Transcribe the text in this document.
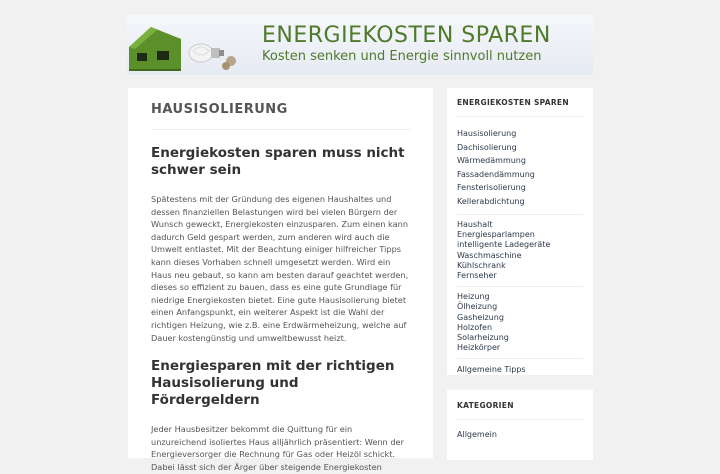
ENERGIEKOSTEN SPAREN
Kosten senken und Energie sinnvoll nutzen
HAUSISOLIERUNG
Energiekosten sparen muss nicht schwer sein
Spätestens mit der Gründung des eigenen Haushaltes und dessen finanziellen Belastungen wird bei vielen Bürgern der Wunsch geweckt, Energiekosten einzusparen. Zum einen kann dadurch Geld gespart werden, zum anderen wird auch die Umwelt entlastet. Mit der Beachtung einiger hilfreicher Tipps kann dieses Vorhaben schnell umgesetzt werden. Wird ein Haus neu gebaut, so kann am besten darauf geachtet werden, dieses so effizient zu bauen, dass es eine gute Grundlage für niedrige Energiekosten bietet. Eine gute Hausisolierung bietet einen Anfangspunkt, ein weiterer Aspekt ist die Wahl der richtigen Heizung, wie z.B. eine Erdwärmeheizung, welche auf Dauer kostengünstig und umweltbewusst heizt.
Energiesparen mit der richtigen Hausisolierung und Fördergeldern
Jeder Hausbesitzer bekommt die Quittung für ein unzureichend isoliertes Haus alljährlich präsentiert: Wenn der Energieversorger die Rechnung für Gas oder Heizöl schickt. Dabei lässt sich der Ärger über steigende Energiekosten
ENERGIEKOSTEN SPAREN
Hausisolierung
Dachisolierung
Wärmedämmung
Fassadendämmung
Fensterisolierung
Kellerabdichtung
Haushalt
Energiesparlampen
intelligente Ladegeräte
Waschmaschine
Kühlschrank
Fernseher
Heizung
Ölheizung
Gasheizung
Holzofen
Solarheizung
Heizkörper
Allgemeine Tipps
KATEGORIEN
Allgemein
